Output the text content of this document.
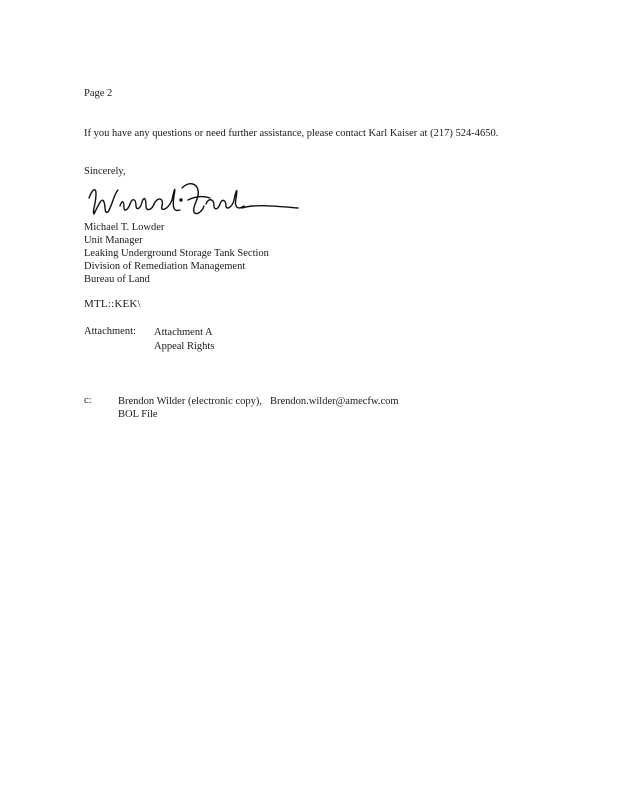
Page 2
If you have any questions or need further assistance, please contact Karl Kaiser at (217) 524-4650.
Sincerely,
Michael T. Lowder
Unit Manager
Leaking Underground Storage Tank Section
Division of Remediation Management
Bureau of Land
MTL::KEK\
Attachment: Attachment A
Appeal Rights
c:	Brendon Wilder (electronic copy), Brendon.wilder@amecfw.com
BOL File
